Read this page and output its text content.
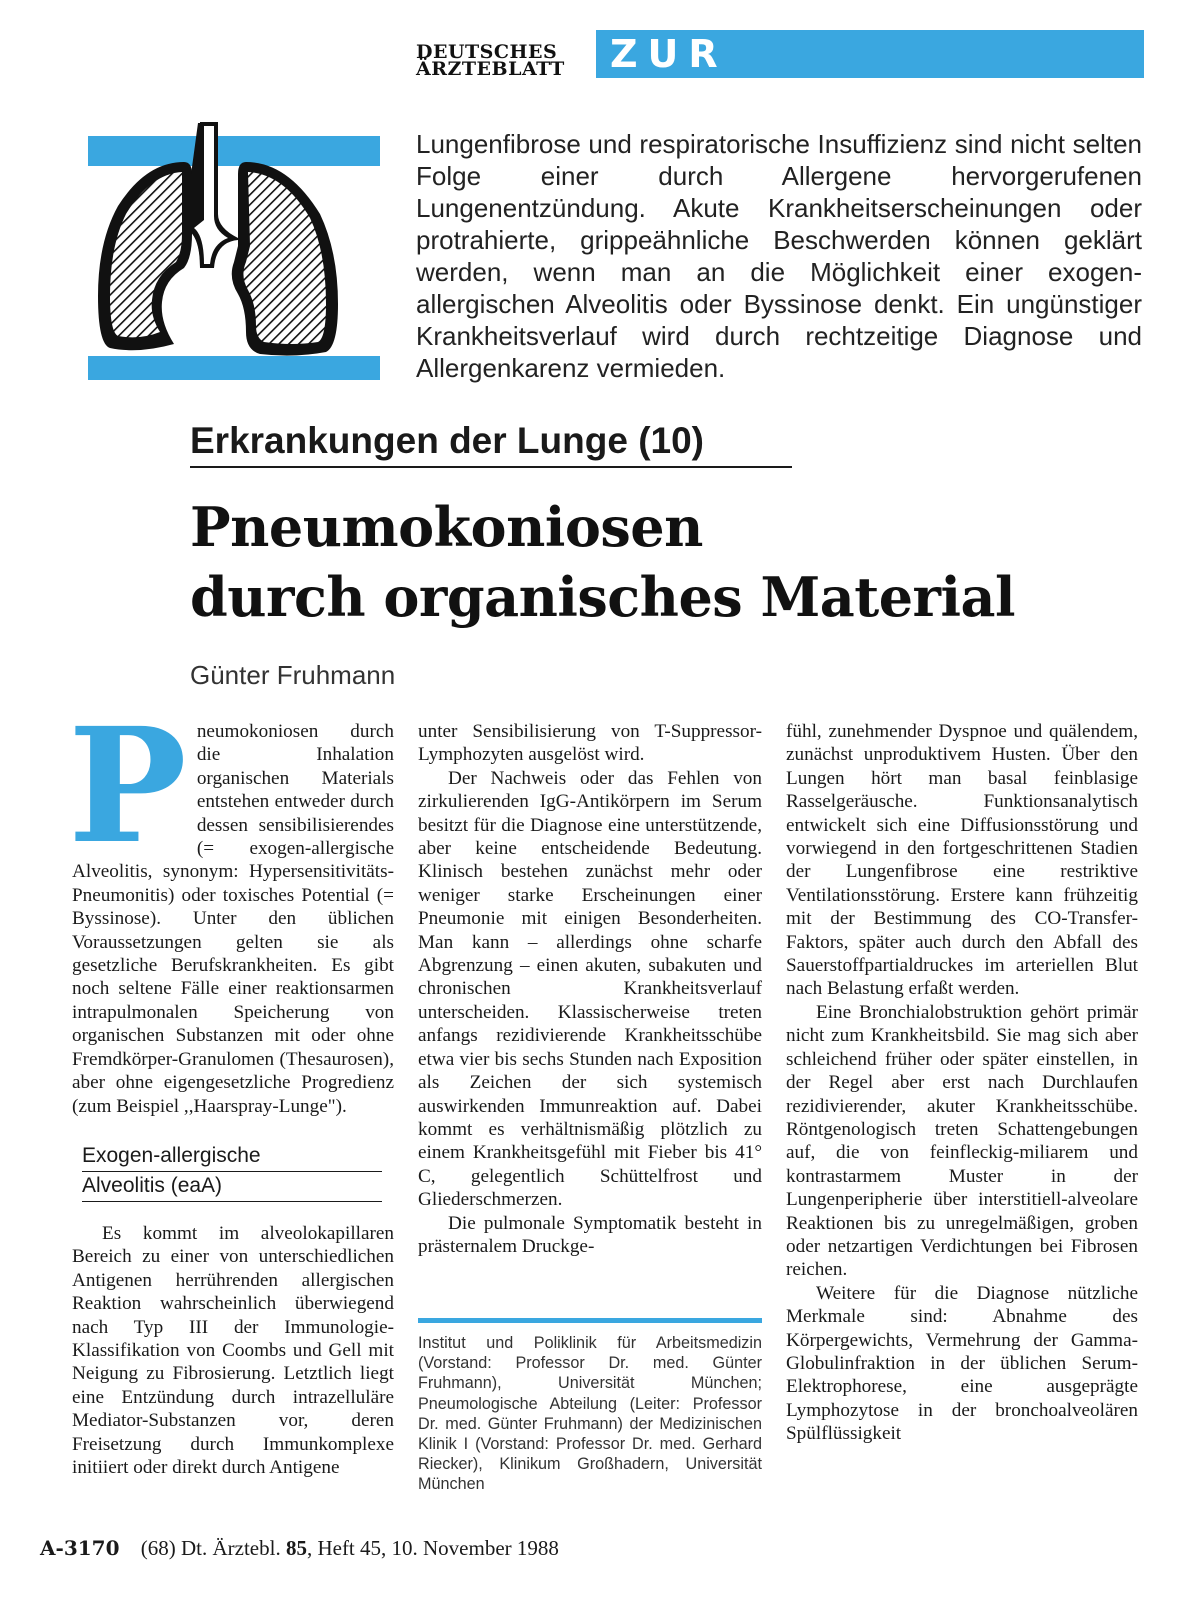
DEUTSCHES
ÄRZTEBLATT	ZUR FORTBILDUNG

Lungenfibrose und respiratorische Insuffizienz sind nicht selten Folge einer durch Allergene hervorgerufenen Lungenentzündung. Akute Krankheitserscheinungen oder protrahierte, grippeähnliche Beschwerden können geklärt werden, wenn man an die Möglichkeit einer exogen-allergischen Alveolitis oder Byssinose denkt. Ein ungünstiger Krankheitsverlauf wird durch rechtzeitige Diagnose und Allergenkarenz vermieden.

Erkrankungen der Lunge (10)
Pneumokoniosen
durch organisches Material

Günter Fruhmann

P neumokoniosen durch die Inhalation organischen Materials entstehen entweder durch dessen sensibilisierendes (= exogen-allergische Alveolitis, synonym: Hypersensitivitäts-Pneumonitis) oder toxisches Potential (= Byssinose). Unter den üblichen Voraussetzungen gelten sie als gesetzliche Berufskrankheiten. Es gibt noch seltene Fälle einer reaktionsarmen intrapulmonalen Speicherung von organischen Substanzen mit oder ohne Fremdkörper-Granulomen (Thesaurosen), aber ohne eigengesetzliche Progredienz (zum Beispiel ,,Haarspray-Lunge").

Exogen-allergische
Alveolitis (eaA)

Es kommt im alveolokapillaren Bereich zu einer von unterschiedlichen Antigenen herrührenden allergischen Reaktion wahrscheinlich überwiegend nach Typ III der Immunologie-Klassifikation von Coombs und Gell mit Neigung zu Fibrosierung. Letztlich liegt eine Entzündung durch intrazelluläre Mediator-Substanzen vor, deren Freisetzung durch Immunkomplexe initiiert oder direkt durch Antigene

unter Sensibilisierung von T-Suppressor-Lymphozyten ausgelöst wird.

Der Nachweis oder das Fehlen von zirkulierenden IgG-Antikörpern im Serum besitzt für die Diagnose eine unterstützende, aber keine entscheidende Bedeutung. Klinisch bestehen zunächst mehr oder weniger starke Erscheinungen einer Pneumonie mit einigen Besonderheiten. Man kann – allerdings ohne scharfe Abgrenzung – einen akuten, subakuten und chronischen Krankheitsverlauf unterscheiden. Klassischerweise treten anfangs rezidivierende Krankheitsschübe etwa vier bis sechs Stunden nach Exposition als Zeichen der sich systemisch auswirkenden Immunreaktion auf. Dabei kommt es verhältnismäßig plötzlich zu einem Krankheitsgefühl mit Fieber bis 41° C, gelegentlich Schüttelfrost und Gliederschmerzen.

Die pulmonale Symptomatik besteht in prästernalem Druckge-

Institut und Poliklinik für Arbeitsmedizin (Vorstand: Professor Dr. med. Günter Fruhmann), Universität München; Pneumologische Abteilung (Leiter: Professor Dr. med. Günter Fruhmann) der Medizinischen Klinik I (Vorstand: Professor Dr. med. Gerhard Riecker), Klinikum Großhadern, Universität München

fühl, zunehmender Dyspnoe und quälendem, zunächst unproduktivem Husten. Über den Lungen hört man basal feinblasige Rasselgeräusche. Funktionsanalytisch entwickelt sich eine Diffusionsstörung und vorwiegend in den fortgeschrittenen Stadien der Lungenfibrose eine restriktive Ventilationsstörung. Erstere kann frühzeitig mit der Bestimmung des CO-Transfer-Faktors, später auch durch den Abfall des Sauerstoffpartialdruckes im arteriellen Blut nach Belastung erfaßt werden.

Eine Bronchialobstruktion gehört primär nicht zum Krankheitsbild. Sie mag sich aber schleichend früher oder später einstellen, in der Regel aber erst nach Durchlaufen rezidivierender, akuter Krankheitsschübe. Röntgenologisch treten Schattengebungen auf, die von feinfleckig-miliarem und kontrastarmem Muster in der Lungenperipherie über interstitiell-alveolare Reaktionen bis zu unregelmäßigen, groben oder netzartigen Verdichtungen bei Fibrosen reichen.

Weitere für die Diagnose nützliche Merkmale sind: Abnahme des Körpergewichts, Vermehrung der Gamma-Globulinfraktion in der üblichen Serum-Elektrophorese, eine ausgeprägte Lymphozytose in der bronchoalveolären Spülflüssigkeit

A-3170 (68) Dt. Ärztebl. 85, Heft 45, 10. November 1988
